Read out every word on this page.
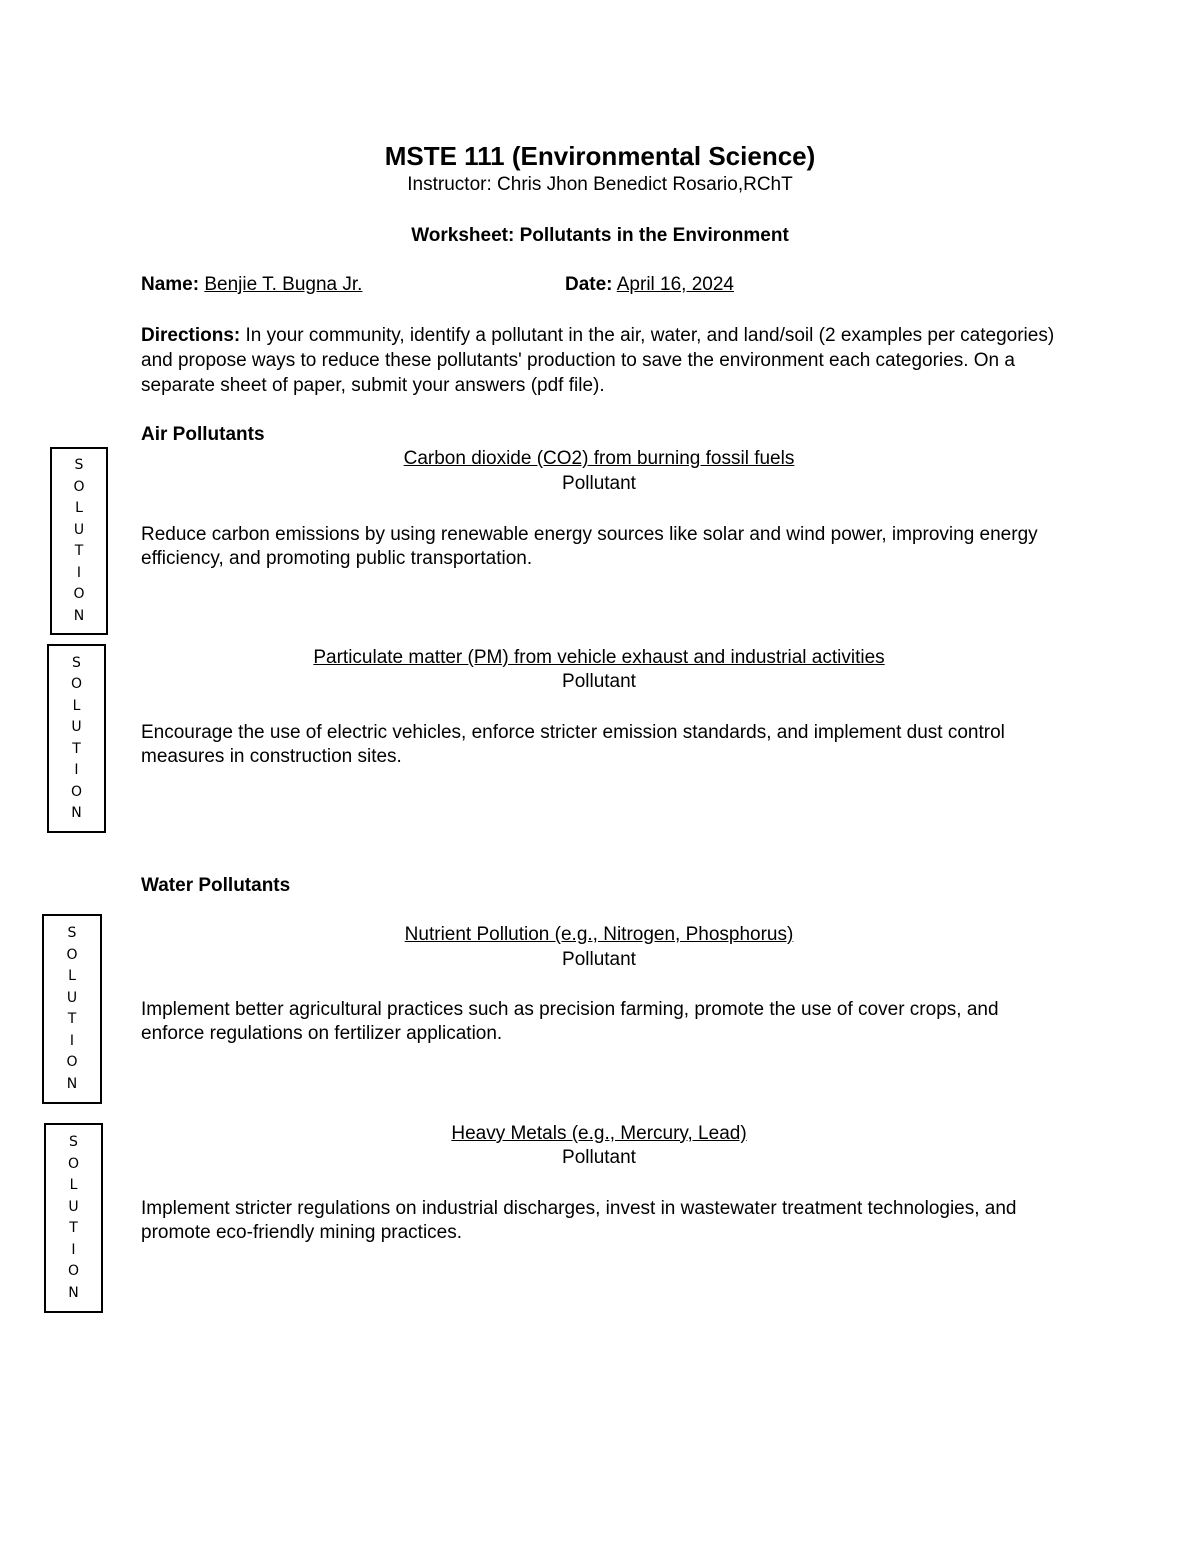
MSTE 111 (Environmental Science)
Instructor: Chris Jhon Benedict Rosario,RChT
Worksheet: Pollutants in the Environment
Name: Benjie T. Bugna Jr.	Date: April 16, 2024
Directions: In your community, identify a pollutant in the air, water, and land/soil (2 examples per categories) and propose ways to reduce these pollutants' production to save the environment each categories. On a separate sheet of paper, submit your answers (pdf file).
Air Pollutants
S
O
L
U
T
I
O
N
Carbon dioxide (CO2) from burning fossil fuels
Pollutant
Reduce carbon emissions by using renewable energy sources like solar and wind power, improving energy efficiency, and promoting public transportation.
S
O
L
U
T
I
O
N
Particulate matter (PM) from vehicle exhaust and industrial activities
Pollutant
Encourage the use of electric vehicles, enforce stricter emission standards, and implement dust control measures in construction sites.
Water Pollutants
S
O
L
U
T
I
O
N
Nutrient Pollution (e.g., Nitrogen, Phosphorus)
Pollutant
Implement better agricultural practices such as precision farming, promote the use of cover crops, and enforce regulations on fertilizer application.
S
O
L
U
T
I
O
N
Heavy Metals (e.g., Mercury, Lead)
Pollutant
Implement stricter regulations on industrial discharges, invest in wastewater treatment technologies, and promote eco-friendly mining practices.
